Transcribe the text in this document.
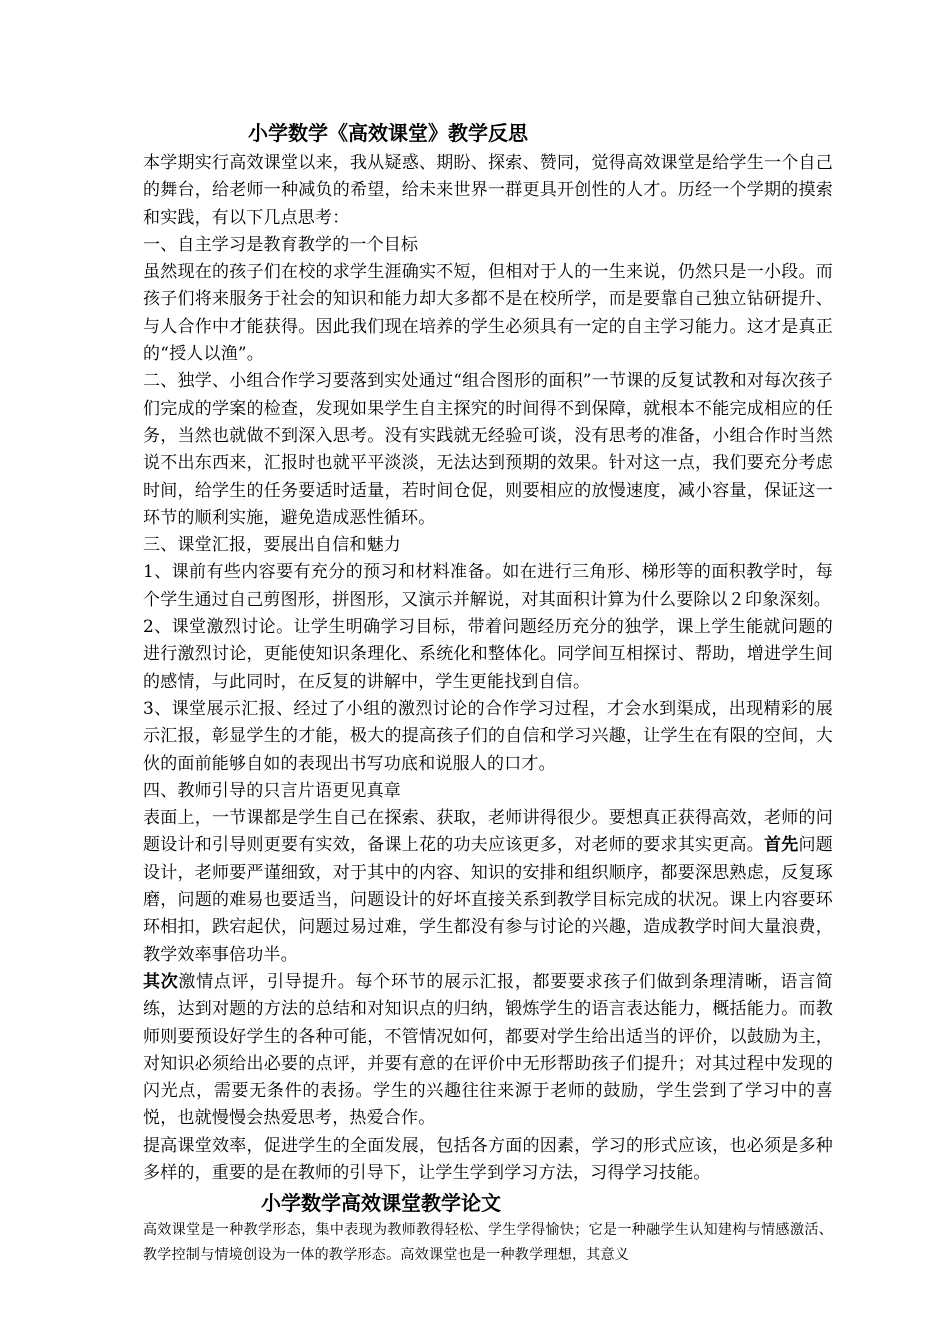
小学数学《高效课堂》教学反思

本学期实行高效课堂以来，我从疑惑、期盼、探索、赞同，觉得高效课堂是给学生一个自己的舞台，给老师一种减负的希望，给未来世界一群更具开创性的人才。历经一个学期的摸索和实践，有以下几点思考：

一、自主学习是教育教学的一个目标

虽然现在的孩子们在校的求学生涯确实不短，但相对于人的一生来说，仍然只是一小段。而孩子们将来服务于社会的知识和能力却大多都不是在校所学，而是要靠自己独立钻研提升、与人合作中才能获得。因此我们现在培养的学生必须具有一定的自主学习能力。这才是真正的“授人以渔”。

二、独学、小组合作学习要落到实处通过“组合图形的面积”一节课的反复试教和对每次孩子们完成的学案的检查，发现如果学生自主探究的时间得不到保障，就根本不能完成相应的任务，当然也就做不到深入思考。没有实践就无经验可谈，没有思考的准备，小组合作时当然说不出东西来，汇报时也就平平淡淡，无法达到预期的效果。针对这一点，我们要充分考虑时间，给学生的任务要适时适量，若时间仓促，则要相应的放慢速度，减小容量，保证这一环节的顺利实施，避免造成恶性循环。

三、课堂汇报，要展出自信和魅力

1、课前有些内容要有充分的预习和材料准备。如在进行三角形、梯形等的面积教学时，每个学生通过自己剪图形，拼图形，又演示并解说，对其面积计算为什么要除以２印象深刻。

2、课堂激烈讨论。让学生明确学习目标，带着问题经历充分的独学，课上学生能就问题的进行激烈讨论，更能使知识条理化、系统化和整体化。同学间互相探讨、帮助，增进学生间的感情，与此同时，在反复的讲解中，学生更能找到自信。

3、课堂展示汇报、经过了小组的激烈讨论的合作学习过程，才会水到渠成，出现精彩的展示汇报，彰显学生的才能，极大的提高孩子们的自信和学习兴趣，让学生在有限的空间，大伙的面前能够自如的表现出书写功底和说服人的口才。

四、教师引导的只言片语更见真章

表面上，一节课都是学生自己在探索、获取，老师讲得很少。要想真正获得高效，老师的问题设计和引导则更要有实效，备课上花的功夫应该更多，对老师的要求其实更高。首先问题设计，老师要严谨细致，对于其中的内容、知识的安排和组织顺序，都要深思熟虑，反复琢磨，问题的难易也要适当，问题设计的好坏直接关系到教学目标完成的状况。课上内容要环环相扣，跌宕起伏，问题过易过难，学生都没有参与讨论的兴趣，造成教学时间大量浪费，教学效率事倍功半。

其次激情点评，引导提升。每个环节的展示汇报，都要要求孩子们做到条理清晰，语言简练，达到对题的方法的总结和对知识点的归纳，锻炼学生的语言表达能力，概括能力。而教师则要预设好学生的各种可能，不管情况如何，都要对学生给出适当的评价，以鼓励为主，对知识必须给出必要的点评，并要有意的在评价中无形帮助孩子们提升；对其过程中发现的闪光点，需要无条件的表扬。学生的兴趣往往来源于老师的鼓励，学生尝到了学习中的喜悦，也就慢慢会热爱思考，热爱合作。

提高课堂效率，促进学生的全面发展，包括各方面的因素，学习的形式应该，也必须是多种多样的，重要的是在教师的引导下，让学生学到学习方法，习得学习技能。

小学数学高效课堂教学论文

高效课堂是一种教学形态，集中表现为教师教得轻松、学生学得愉快；它是一种融学生认知建构与情感激活、教学控制与情境创设为一体的教学形态。高效课堂也是一种教学理想，其意义
